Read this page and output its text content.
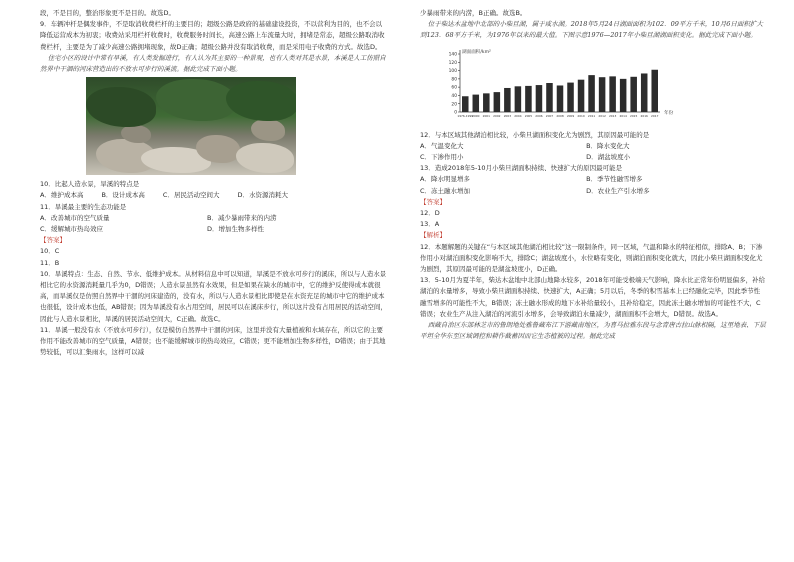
段，不是目的，整治形象更不是目的。故选D。

9．车辆冲杆是偶发事件，不是取消收费栏杆的主要目的；超级公路是政府的基础建设投资，不以营利为目的，也不会以降低运营成本为初衷；收费站采用栏杆收费时，收费服务时间长，高速公路上车流量大时，拥堵是常态，超级公路取消收费栏杆，主要是为了减少高速公路拥堵现象，故D正确；超级公路并没有取消收费，而是采用电子收费的方式。故选D。

住宅小区的设计中常有旱溪，有人类发掘进行，有人认为其主要的一种景观，也有人类对其是水景，本溪是人工仿照自然界中干涸的河床营造出的不放水可步行的溪流。据此完成下面小题。

10．比起人造水景，旱溪的特点是

A．维护成本高	B．设计成本高	C．居民活动空间大	D．水资源消耗大

11．旱溪最主要的生态功能是

A．改善城市的空气质量	B．减少暴雨带来的内涝
C．缓解城市热岛效应	D．增加生物多样性

【答案】

10．C

11．B

10．旱溪特点：生态、自然、节水、低维护成本。从材料信息中可以知道，旱溪是不放水可步行的溪床，所以与人造水景相比它的水资源消耗量几乎为0，D错误；人造水景虽然有水效果，但是如果在缺水的城市中，它的维护反使得成本就很高，而旱溪仅是仿照自然界中干涸的河床建造的，没有水，所以与人造水景相比即使是在水资充足的城市中它的维护成本也很低，设计成本也低，AB错误；因为旱溪没有水占用空间，居民可以在溪床步行，所以这片没有占用居民的活动空间，因此与人造水景相比，旱溪的居民活动空间大，C正确。故选C。

11．旱溪一般没有水（不放水可步行），仅是模仿自然界中干涸的河床，这里并没有大量植被和水域存在，所以它的主要作用不能改善城市的空气质量，A错误；也不能缓解城市的热岛效应，C错误；更不能增加生物多样性，D错误；由于其地势较低，可以汇集雨水，这样可以减

少暴雨带来的内涝，B正确。故选B。

位于柴达木盆地中北部的小柴旦湖，属于咸水湖。2018年5月24日湖面面积为102．09平方千米，10月6日面积扩大到123．68平方千米，为1976年以来的最大值。下图示意1976—2017年小柴旦湖湖面积变化。据此完成下面小题。

0
20
40
60
80
100
120
140
湖面面积/km²
年份
1976-1999
2000 2001 2002 2003 2004 2005 2006 2007 2008 2009 2010 2011 2012 2013 2014 2015 2016 2017

12．与本区域其他湖泊相比较，小柴旦湖面积变化尤为剧烈，其原因最可能的是

A．气温变化大	B．降水变化大
C．下渗作用小	D．湖盆坡度小

13．造成2018年5-10月小柴旦湖面积持续、快速扩大的原因最可能是

A．降水明显增多	B．季节性融雪增多
C．冻土融水增加	D．农业生产引水增多

【答案】

12．D

13．A

【解析】

12．本题解题的关键在“与本区域其他湖泊相比较”这一限制条件，同一区域，气温和降水的特征相似，排除A、B；下渗作用小对湖泊面积变化影响不大，排除C；湖盆坡度小，水位略有变化，则湖泊面积变化就大，因此小柴旦湖面积变化尤为剧烈，其原因最可能的是湖盆坡度小，D正确。

13．5-10月为夏半年，柴达木盆地中北部山地降水较多，2018年可能受极端天气影响，降水比正常年份明显偏多，补给湖泊的水量增多，导致小柴旦湖面积持续、快速扩大，A正确；5月以后，冬季的积雪基本上已经融化完毕，因此季节性融雪增多的可能性不大，B错误；冻土融水形成的地下水补给量较小，且补给稳定，因此冻土融水增加的可能性不大，C错误；农业生产从注入湖泊的河流引水增多，会导致湖泊水量减少，湖面面积不会增大，D错误。故选A。

西藏自治区东部林芝市的鲁朗地处雅鲁藏布江下游藏南地区，为喜马拉雅东段与念青唐古拉山脉相隔，这里地表、下层平坦全华东至区域调控和耕作截蓄因而它生态植被的过程。据此完成
